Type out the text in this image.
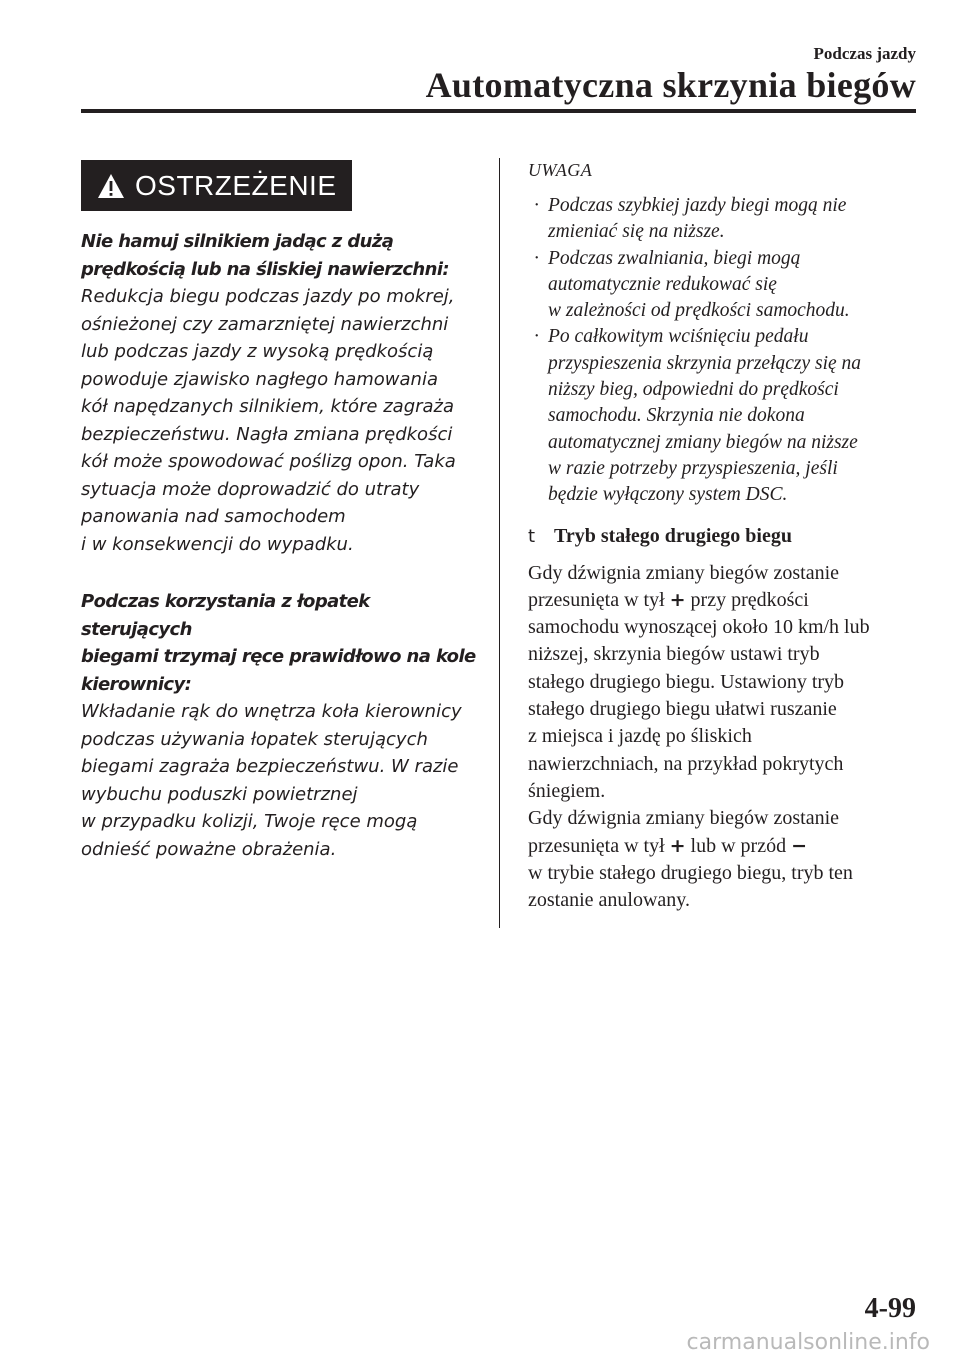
Podczas jazdy
Automatyczna skrzynia biegów
OSTRZEŻENIE

Nie hamuj silnikiem jadąc z dużą

prędkością lub na śliskiej nawierzchni:

Redukcja biegu podczas jazdy po mokrej,

ośnieżonej czy zamarzniętej nawierzchni

lub podczas jazdy z wysoką prędkością

powoduje zjawisko nagłego hamowania

kół napędzanych silnikiem, które zagraża

bezpieczeństwu. Nagła zmiana prędkości

kół może spowodować poślizg opon. Taka

sytuacja może doprowadzić do utraty

panowania nad samochodem

i w konsekwencji do wypadku.

Podczas korzystania z łopatek sterujących

biegami trzymaj ręce prawidłowo na kole

kierownicy:

Wkładanie rąk do wnętrza koła kierownicy

podczas używania łopatek sterujących

biegami zagraża bezpieczeństwu. W razie

wybuchu poduszki powietrznej

w przypadku kolizji, Twoje ręce mogą

odnieść poważne obrażenia.

UWAGA

· Podczas szybkiej jazdy biegi mogą nie
zmieniać się na niższe.
· Podczas zwalniania, biegi mogą
automatycznie redukować się
w zależności od prędkości samochodu.
· Po całkowitym wciśnięciu pedału
przyspieszenia skrzynia przełączy się na
niższy bieg, odpowiedni do prędkości
samochodu. Skrzynia nie dokona
automatycznej zmiany biegów na niższe
w razie potrzeby przyspieszenia, jeśli
będzie wyłączony system DSC.
t Tryb stałego drugiego biegu
Gdy dźwignia zmiany biegów zostanie
przesunięta w tył + przy prędkości
samochodu wynoszącej około 10 km/h lub
niższej, skrzynia biegów ustawi tryb
stałego drugiego biegu. Ustawiony tryb
stałego drugiego biegu ułatwi ruszanie
z miejsca i jazdę po śliskich
nawierzchniach, na przykład pokrytych
śniegiem.
Gdy dźwignia zmiany biegów zostanie
przesunięta w tył + lub w przód −
w trybie stałego drugiego biegu, tryb ten
zostanie anulowany.
4-99
carmanualsonline.info
